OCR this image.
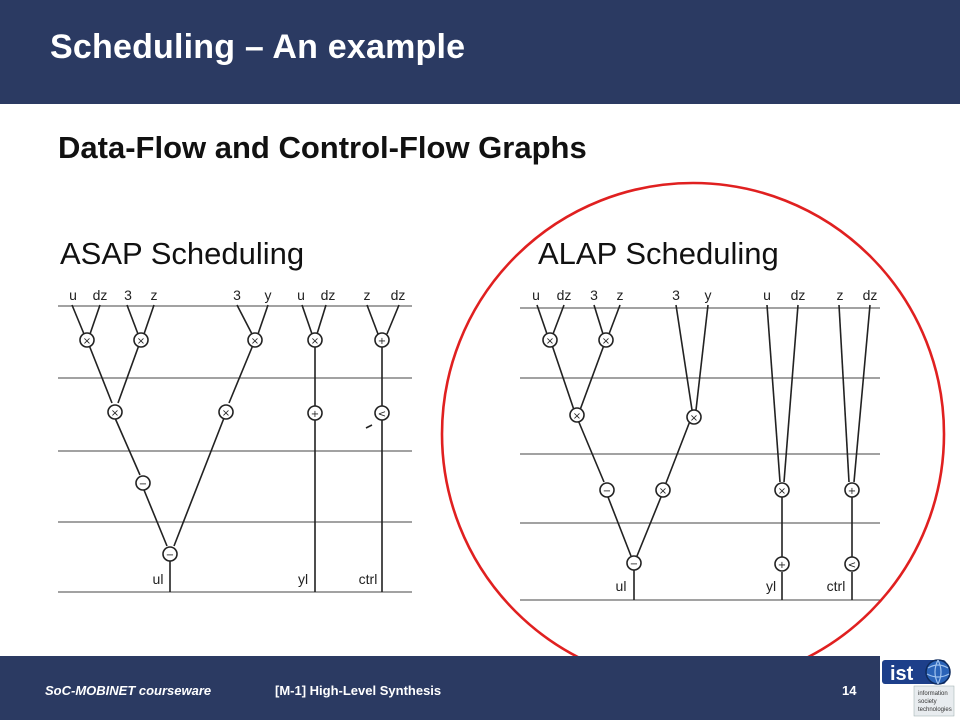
Scheduling – An example
Data-Flow and Control-Flow Graphs
ASAP Scheduling	ALAP Scheduling
×	×	×	×	+
+
×	×	<
−
−
u dz 3 z	3 y u dz z dz
ul	yl	ctrl
×	×
×	×
×	+
−
−	+	<
×
u dz 3 z	3 y	u dz z dz
ul	yl	ctrl
SoC-MOBINET courseware	[M-1] High-Level Synthesis	14
ist
information
society
technologies
